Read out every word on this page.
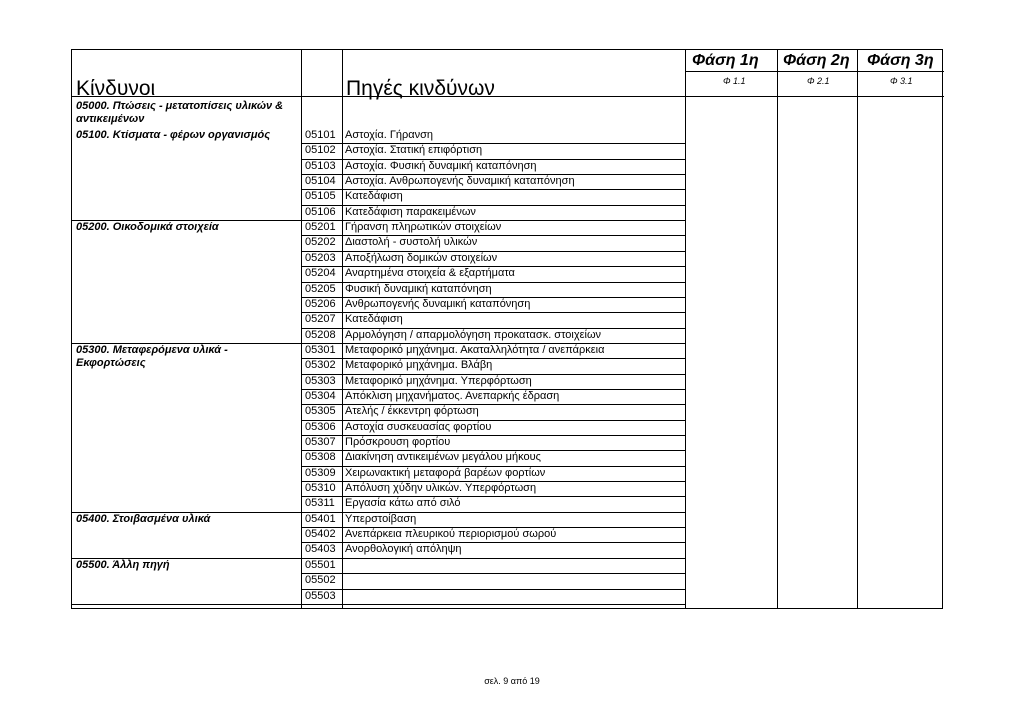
Κίνδυνοι	Πηγές κινδύνων
Φάση 1η Φάση 2η Φάση 3η
Φ 1.1	Φ 2.1	Φ 3.1
05000. Πτώσεις - μετατοπίσεις υλικών & αντικειμένων
05100. Κτίσματα - φέρων οργανισμός	05101 Αστοχία. Γήρανση
05102 Αστοχία. Στατική επιφόρτιση
05103 Αστοχία. Φυσική δυναμική καταπόνηση
05104 Αστοχία. Ανθρωπογενής δυναμική καταπόνηση
05105 Κατεδάφιση
05106 Κατεδάφιση παρακειμένων
05200. Οικοδομικά στοιχεία	05201 Γήρανση πληρωτικών στοιχείων
05202 Διαστολή - συστολή υλικών
05203 Αποξήλωση δομικών στοιχείων
05204 Αναρτημένα στοιχεία & εξαρτήματα
05205 Φυσική δυναμική καταπόνηση
05206 Ανθρωπογενής δυναμική καταπόνηση
05207 Κατεδάφιση
05208 Αρμολόγηση / απαρμολόγηση προκατασκ. στοιχείων
05300. Μεταφερόμενα υλικά - Εκφορτώσεις
05301 Μεταφορικό μηχάνημα. Ακαταλληλότητα / ανεπάρκεια
05302 Μεταφορικό μηχάνημα. Βλάβη
05303 Μεταφορικό μηχάνημα. Υπερφόρτωση
05304 Απόκλιση μηχανήματος. Ανεπαρκής έδραση
05305 Ατελής / έκκεντρη φόρτωση
05306 Αστοχία συσκευασίας φορτίου
05307 Πρόσκρουση φορτίου
05308 Διακίνηση αντικειμένων μεγάλου μήκους
05309 Χειρωνακτική μεταφορά βαρέων φορτίων
05310 Απόλυση χύδην υλικών. Υπερφόρτωση
05311 Εργασία κάτω από σιλό
05400. Στοιβασμένα υλικά	05401 Υπερστοίβαση
05402 Ανεπάρκεια πλευρικού περιορισμού σωρού
05403 Ανορθολογική απόληψη
05500. Άλλη πηγή	05501
05502
05503
σελ. 9 από 19
